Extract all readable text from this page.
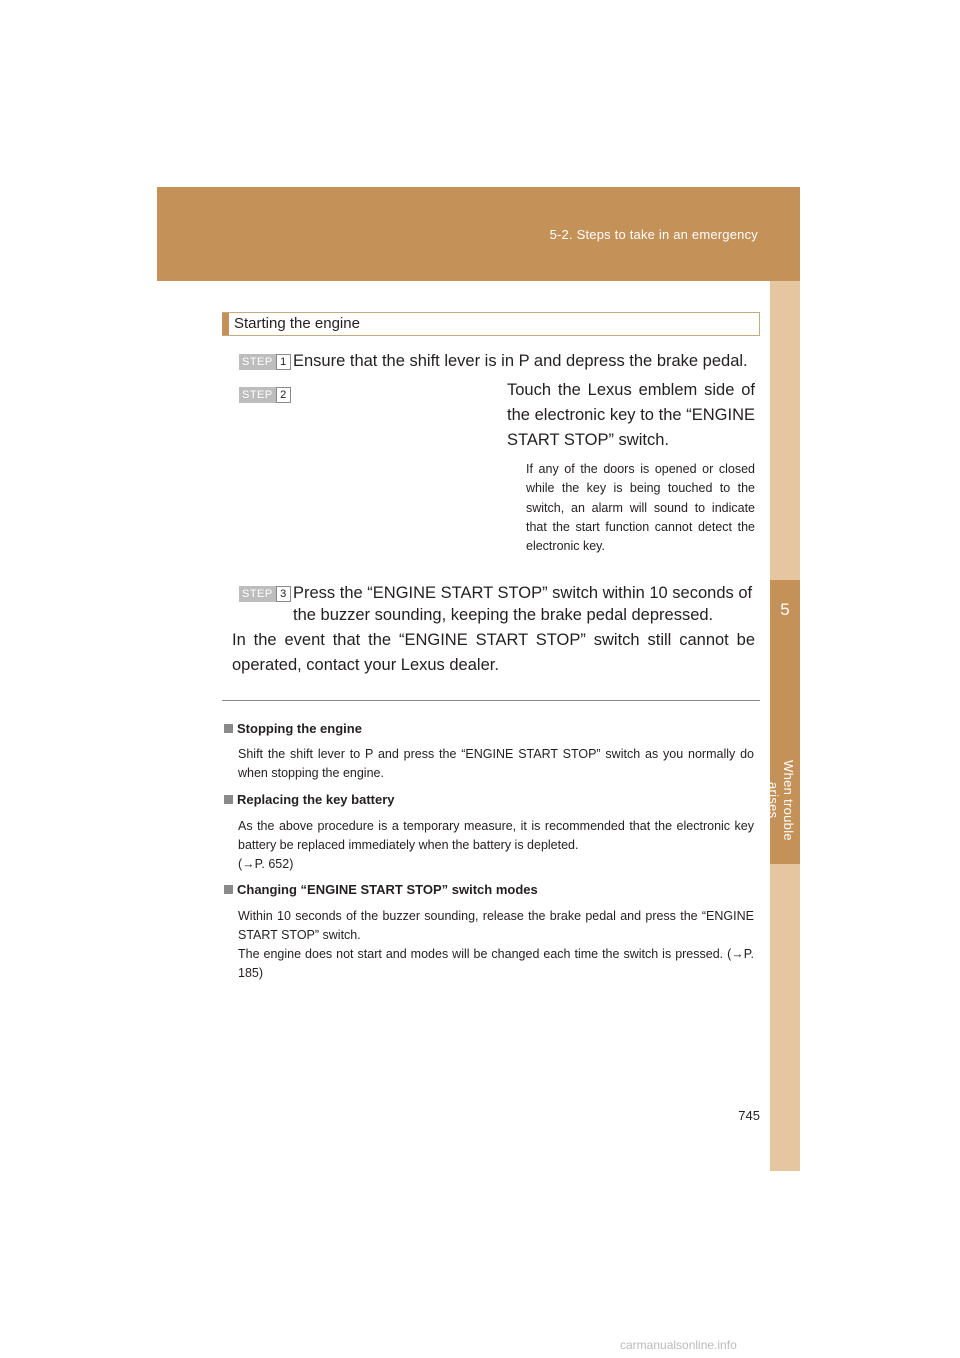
5-2. Steps to take in an emergency
5
When trouble arises
Starting the engine
STEP 1 Ensure that the shift lever is in P and depress the brake pedal.
STEP 2	Touch the Lexus emblem side of the electronic key to the “ENGINE START STOP” switch.
If any of the doors is opened or closed while the key is being touched to the switch, an alarm will sound to indicate that the start function cannot detect the electronic key.
STEP 3 Press the “ENGINE START STOP” switch within 10 seconds of
the buzzer sounding, keeping the brake pedal depressed.
In the event that the “ENGINE START STOP” switch still cannot be operated, contact your Lexus dealer.
Stopping the engine
Shift the shift lever to P and press the “ENGINE START STOP” switch as you normally do when stopping the engine.
Replacing the key battery
As the above procedure is a temporary measure, it is recommended that the electronic key battery be replaced immediately when the battery is depleted.
(→P. 652)
Changing “ENGINE START STOP” switch modes
Within 10 seconds of the buzzer sounding, release the brake pedal and press the “ENGINE START STOP” switch.
The engine does not start and modes will be changed each time the switch is pressed. (→P. 185)
745
carmanualsonline.info
